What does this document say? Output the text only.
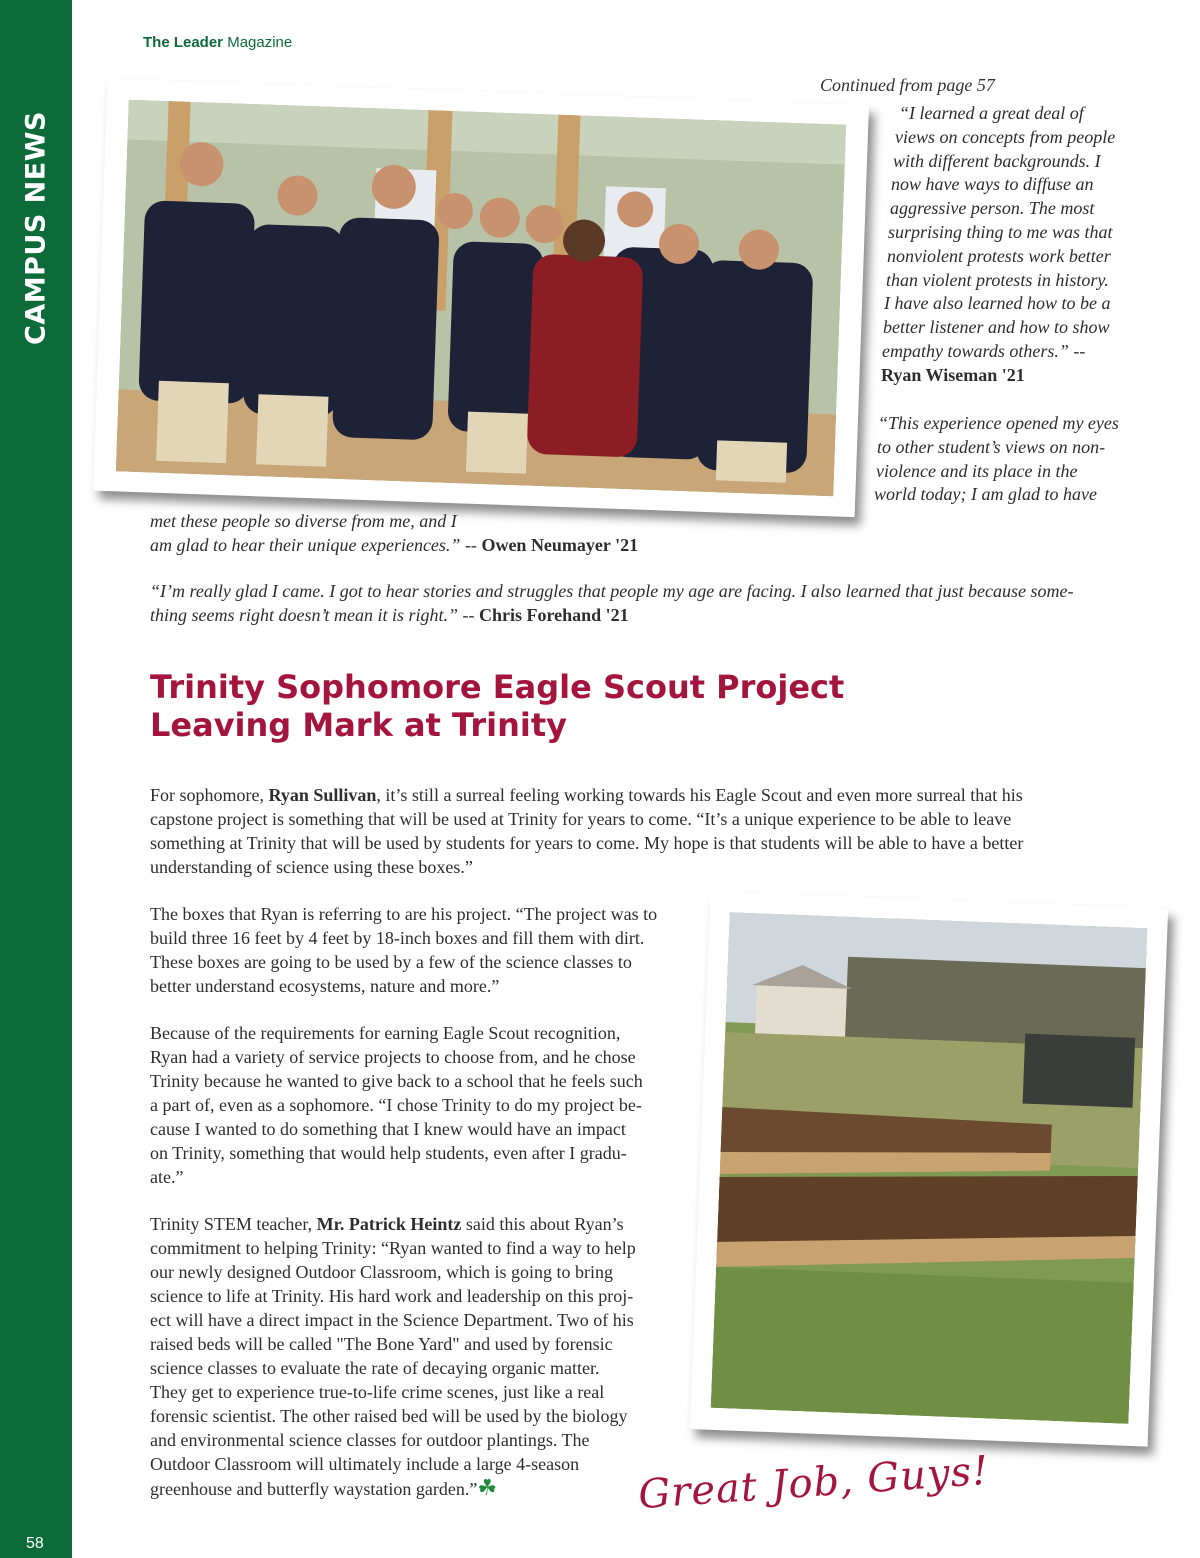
CAMPUS NEWS
58
The Leader Magazine
Continued from page 57
“I learned a great deal of
views on concepts from people
with different backgrounds. I
now have ways to diffuse an
aggressive person. The most
surprising thing to me was that
nonviolent protests work better
than violent protests in history.
I have also learned how to be a
better listener and how to show
empathy towards others.” --
Ryan Wiseman '21
“This experience opened my eyes
to other student’s views on non-
violence and its place in the
world today; I am glad to have
met these people so diverse from me, and I
am glad to hear their unique experiences.” -- Owen Neumayer '21
“I’m really glad I came. I got to hear stories and struggles that people my age are facing. I also learned that just because some-
thing seems right doesn’t mean it is right.” -- Chris Forehand '21
Trinity Sophomore Eagle Scout Project
Leaving Mark at Trinity
For sophomore, Ryan Sullivan, it’s still a surreal feeling working towards his Eagle Scout and even more surreal that his
capstone project is something that will be used at Trinity for years to come. “It’s a unique experience to be able to leave
something at Trinity that will be used by students for years to come. My hope is that students will be able to have a better
understanding of science using these boxes.”
The boxes that Ryan is referring to are his project. “The project was to
build three 16 feet by 4 feet by 18-inch boxes and fill them with dirt.
These boxes are going to be used by a few of the science classes to
better understand ecosystems, nature and more.”
Because of the requirements for earning Eagle Scout recognition,
Ryan had a variety of service projects to choose from, and he chose
Trinity because he wanted to give back to a school that he feels such
a part of, even as a sophomore. “I chose Trinity to do my project be-
cause I wanted to do something that I knew would have an impact
on Trinity, something that would help students, even after I gradu-
ate.”
Trinity STEM teacher, Mr. Patrick Heintz said this about Ryan’s
commitment to helping Trinity: “Ryan wanted to find a way to help
our newly designed Outdoor Classroom, which is going to bring
science to life at Trinity. His hard work and leadership on this proj-
ect will have a direct impact in the Science Department. Two of his
raised beds will be called "The Bone Yard" and used by forensic
science classes to evaluate the rate of decaying organic matter.
They get to experience true-to-life crime scenes, just like a real
forensic scientist. The other raised bed will be used by the biology
and environmental science classes for outdoor plantings. The
Outdoor Classroom will ultimately include a large 4-season
greenhouse and butterfly waystation garden.”☘	Great Job, Guys!
